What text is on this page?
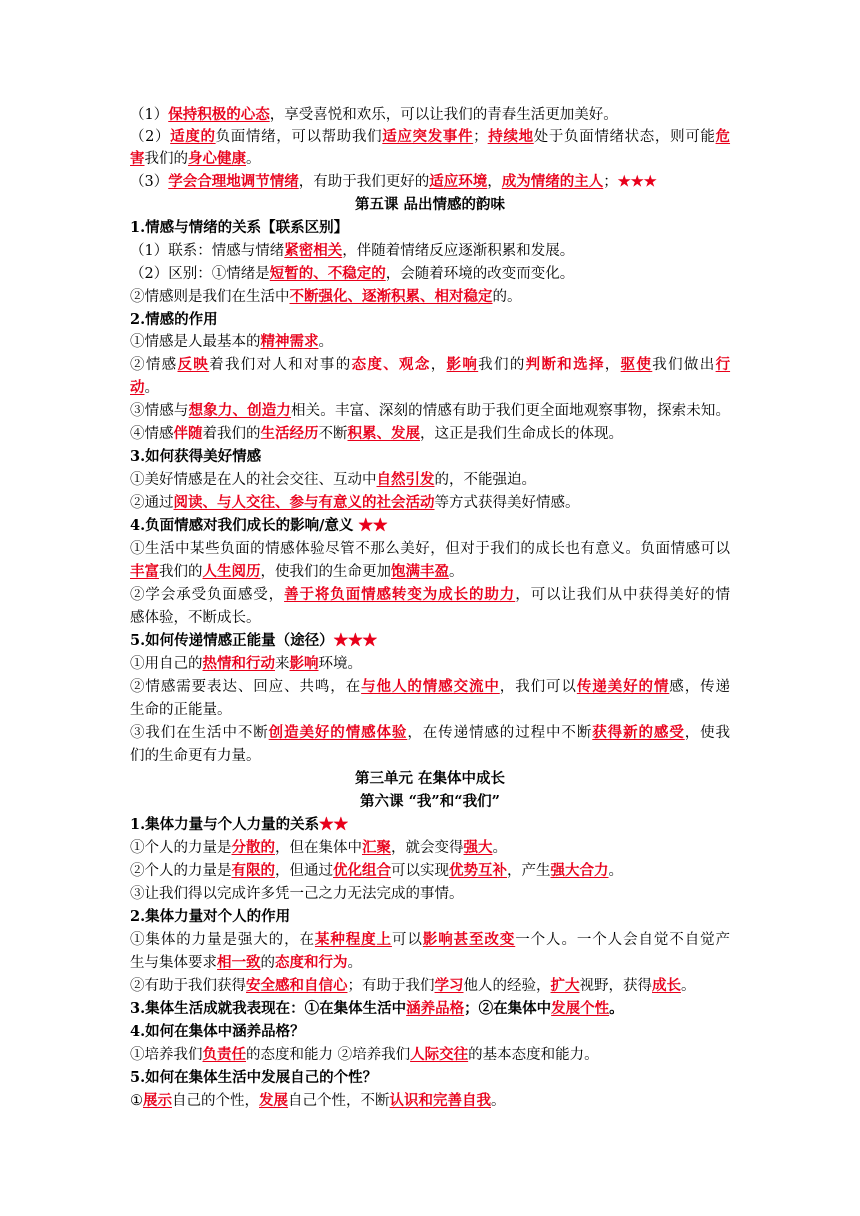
（1）保持积极的心态，享受喜悦和欢乐，可以让我们的青春生活更加美好。
（2）适度的负面情绪，可以帮助我们适应突发事件；持续地处于负面情绪状态，则可能危
害我们的身心健康。
（3）学会合理地调节情绪，有助于我们更好的适应环境，成为情绪的主人；★★★
第五课 品出情感的韵味
1.情感与情绪的关系【联系区别】
（1）联系：情感与情绪紧密相关，伴随着情绪反应逐渐积累和发展。
（2）区别：①情绪是短暂的、不稳定的，会随着环境的改变而变化。
②情感则是我们在生活中不断强化、逐渐积累、相对稳定的。
2.情感的作用
①情感是人最基本的精神需求。
②情感反映着我们对人和对事的态度、观念，影响我们的判断和选择，驱使我们做出行
动。
③情感与想象力、创造力相关。丰富、深刻的情感有助于我们更全面地观察事物，探索未知。
④情感伴随着我们的生活经历不断积累、发展，这正是我们生命成长的体现。
3.如何获得美好情感
①美好情感是在人的社会交往、互动中自然引发的，不能强迫。
②通过阅读、与人交往、参与有意义的社会活动等方式获得美好情感。
4.负面情感对我们成长的影响/意义 ★★
①生活中某些负面的情感体验尽管不那么美好，但对于我们的成长也有意义。负面情感可以
丰富我们的人生阅历，使我们的生命更加饱满丰盈。
②学会承受负面感受，善于将负面情感转变为成长的助力，可以让我们从中获得美好的情
感体验，不断成长。
5.如何传递情感正能量（途径）★★★
①用自己的热情和行动来影响环境。
②情感需要表达、回应、共鸣，在与他人的情感交流中，我们可以传递美好的情感，传递
生命的正能量。
③我们在生活中不断创造美好的情感体验，在传递情感的过程中不断获得新的感受，使我
们的生命更有力量。
第三单元 在集体中成长
第六课 “我”和“我们”
1.集体力量与个人力量的关系★★
①个人的力量是分散的，但在集体中汇聚，就会变得强大。
②个人的力量是有限的，但通过优化组合可以实现优势互补，产生强大合力。
③让我们得以完成许多凭一己之力无法完成的事情。
2.集体力量对个人的作用
①集体的力量是强大的，在某种程度上可以影响甚至改变一个人。一个人会自觉不自觉产
生与集体要求相一致的态度和行为。
②有助于我们获得安全感和自信心；有助于我们学习他人的经验，扩大视野，获得成长。
3.集体生活成就我表现在：①在集体生活中涵养品格；②在集体中发展个性。
4.如何在集体中涵养品格？
①培养我们负责任的态度和能力 ②培养我们人际交往的基本态度和能力。
5.如何在集体生活中发展自己的个性？
①展示自己的个性，发展自己个性，不断认识和完善自我。
